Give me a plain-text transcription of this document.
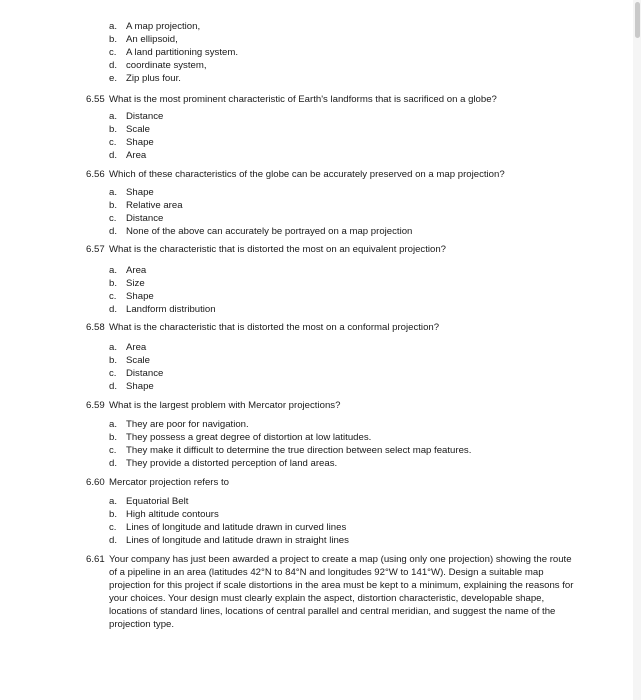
a. A map projection,
b. An ellipsoid,
c. A land partitioning system.
d. coordinate system,
e. Zip plus four.
6.55 What is the most prominent characteristic of Earth's landforms that is sacrificed on a globe?
a. Distance
b. Scale
c. Shape
d. Area
6.56 Which of these characteristics of the globe can be accurately preserved on a map projection?
a. Shape
b. Relative area
c. Distance
d. None of the above can accurately be portrayed on a map projection
6.57 What is the characteristic that is distorted the most on an equivalent projection?
a. Area
b. Size
c. Shape
d. Landform distribution
6.58 What is the characteristic that is distorted the most on a conformal projection?
a. Area
b. Scale
c. Distance
d. Shape
6.59 What is the largest problem with Mercator projections?
a. They are poor for navigation.
b. They possess a great degree of distortion at low latitudes.
c. They make it difficult to determine the true direction between select map features.
d. They provide a distorted perception of land areas.
6.60 Mercator projection refers to
a. Equatorial Belt
b. High altitude contours
c. Lines of longitude and latitude drawn in curved lines
d. Lines of longitude and latitude drawn in straight lines
6.61 Your company has just been awarded a project to create a map (using only one projection) showing the route of a pipeline in an area (latitudes 42°N to 84°N and longitudes 92°W to 141°W). Design a suitable map projection for this project if scale distortions in the area must be kept to a minimum, explaining the reasons for your choices. Your design must clearly explain the aspect, distortion characteristic, developable shape, locations of standard lines, locations of central parallel and central meridian, and suggest the name of the projection type.
